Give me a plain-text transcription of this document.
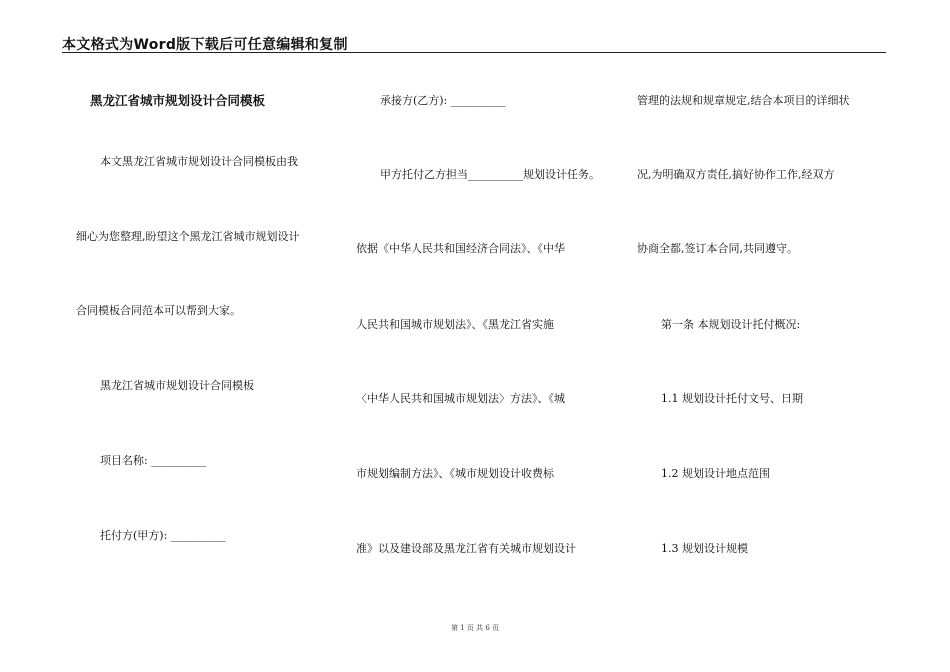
本文格式为Word版下载后可任意编辑和复制
黑龙江省城市规划设计合同模板
本文黑龙江省城市规划设计合同模板由我
细心为您整理,盼望这个黑龙江省城市规划设计
合同模板合同范本可以帮到大家。
黑龙江省城市规划设计合同模板
项目名称: __________
托付方(甲方): __________
承接方(乙方): __________
甲方托付乙方担当__________规划设计任务。
依据《中华人民共和国经济合同法》、《中华
人民共和国城市规划法》、《黑龙江省实施
〈中华人民共和国城市规划法〉方法》、《城
市规划编制方法》、《城市规划设计收费标
准》以及建设部及黑龙江省有关城市规划设计
管理的法规和规章规定,结合本项目的详细状
况,为明确双方责任,搞好协作工作,经双方
协商全都,签订本合同,共同遵守。
第一条 本规划设计托付概况:
1.1 规划设计托付文号、日期
1.2 规划设计地点范围
1.3 规划设计规模
第 1 页 共 6 页
